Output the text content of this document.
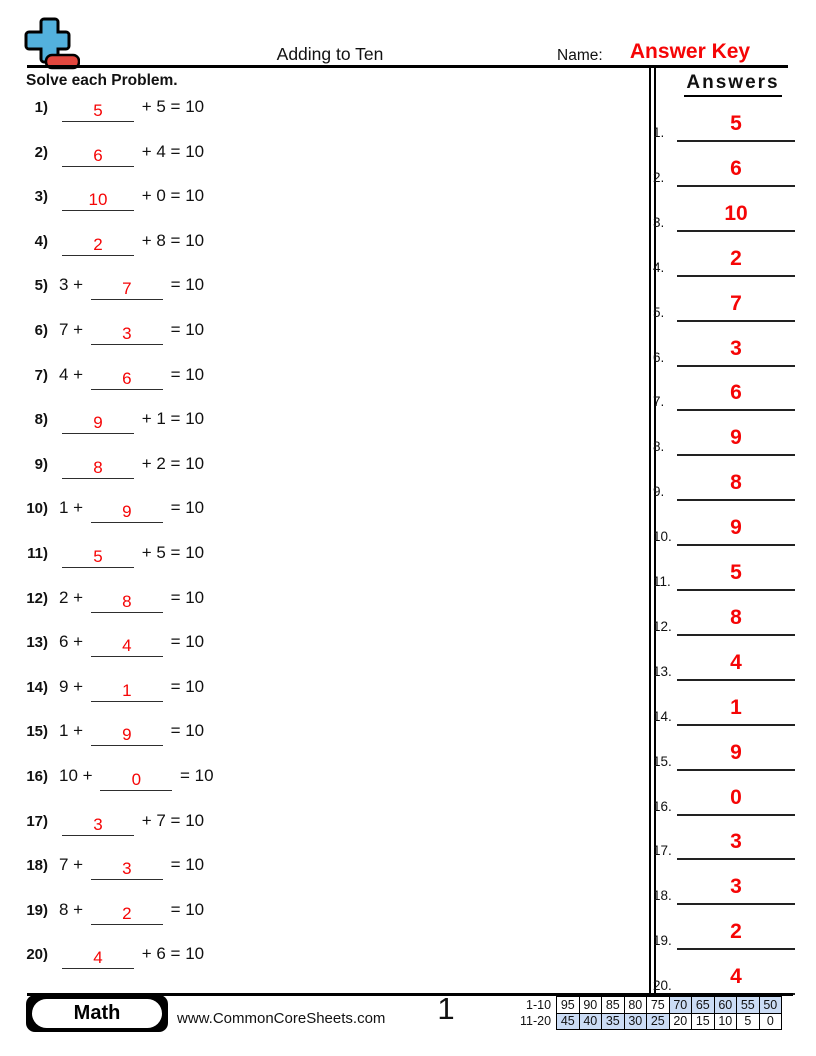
Adding to Ten	Name:	Answer Key
Solve each Problem.
1)	5 + 5 = 10
2)	6 + 4 = 10
3) 10 + 0 = 10
4)	2 + 8 = 10
5) 3 + 7 = 10
6) 7 + 3 = 10
7) 4 + 6 = 10
8)	9 + 1 = 10
9)	8 + 2 = 10
10) 1 + 9 = 10
11)	5 + 5 = 10
12) 2 + 8 = 10
13) 6 + 4 = 10
14) 9 + 1 = 10
15) 1 + 9 = 10
16) 10 + 0 = 10
17)	3 + 7 = 10
18) 7 + 3 = 10
19) 8 + 2 = 10
20)	4 + 6 = 10
Answers
1.	5
2.	6
3.	10
4.	2
5.	7
6.	3
7.	6
8.	9
9.	8
10.	9
11.	5
12.	8
13.	4
14.	1
15.	9
16.	0
17.	3
18.	3
19.	2
20.	4
Math	www.CommonCoreSheets.com	1	1-10	95	90	85	80	75	70	65	60	55	50
11-20	45	40	35	30	25	20	15	10	5	0
